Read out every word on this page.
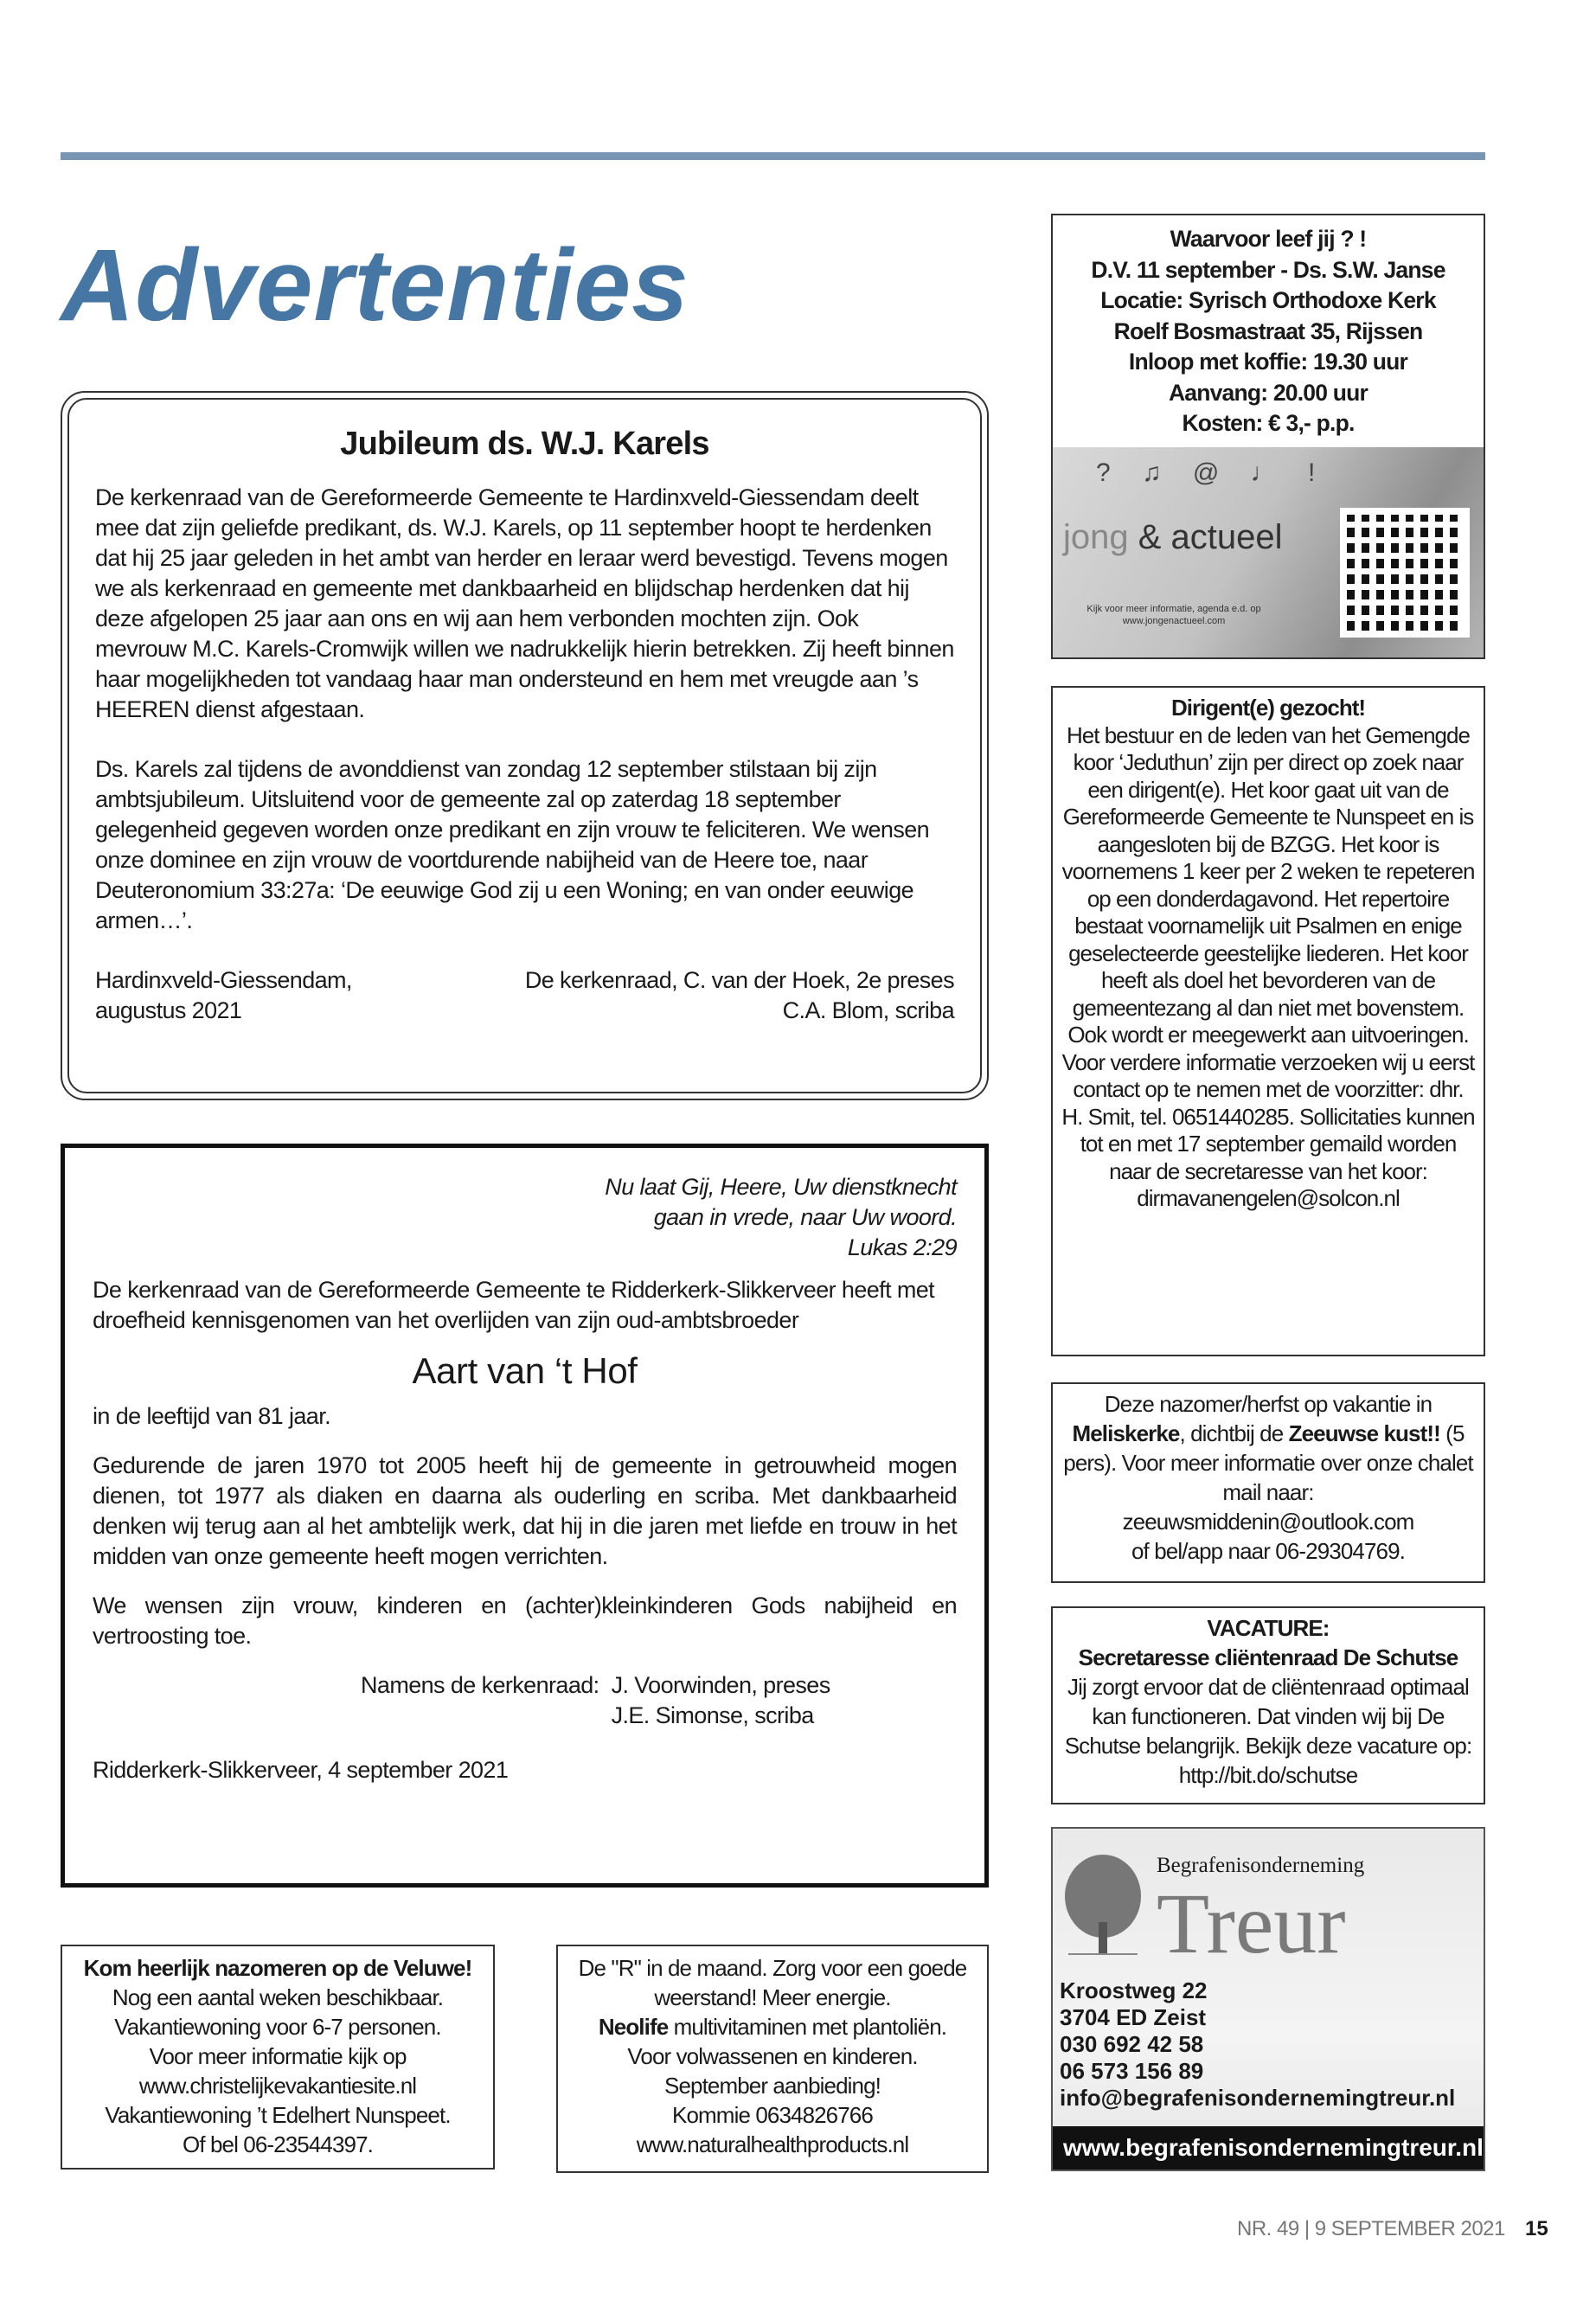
Advertenties
Jubileum ds. W.J. Karels

De kerkenraad van de Gereformeerde Gemeente te Hardinxveld-Giessendam deelt mee dat zijn geliefde predikant, ds. W.J. Karels, op 11 september hoopt te herdenken dat hij 25 jaar geleden in het ambt van herder en leraar werd bevestigd. Tevens mogen we als kerkenraad en gemeente met dankbaarheid en blijdschap herdenken dat hij deze afgelopen 25 jaar aan ons en wij aan hem verbonden mochten zijn. Ook mevrouw M.C. Karels-Cromwijk willen we nadrukkelijk hierin betrekken. Zij heeft binnen haar mogelijkheden tot vandaag haar man ondersteund en hem met vreugde aan ’s HEEREN dienst afgestaan.

Ds. Karels zal tijdens de avonddienst van zondag 12 september stilstaan bij zijn ambtsjubileum. Uitsluitend voor de gemeente zal op zaterdag 18 september gelegenheid gegeven worden onze predikant en zijn vrouw te feliciteren. We wensen onze dominee en zijn vrouw de voortdurende nabijheid van de Heere toe, naar Deuteronomium 33:27a: ‘De eeuwige God zij u een Woning; en van onder eeuwige armen…’.

Hardinxveld-Giessendam,
augustus 2021
De kerkenraad, C. van der Hoek, 2e preses
C.A. Blom, scriba
Nu laat Gij, Heere, Uw dienstknecht
gaan in vrede, naar Uw woord.
Lukas 2:29

De kerkenraad van de Gereformeerde Gemeente te Ridderkerk-Slikkerveer heeft met droefheid kennisgenomen van het overlijden van zijn oud-ambtsbroeder

Aart van ‘t Hof

in de leeftijd van 81 jaar.

Gedurende de jaren 1970 tot 2005 heeft hij de gemeente in getrouwheid mogen dienen, tot 1977 als diaken en daarna als ouderling en scriba. Met dankbaarheid denken wij terug aan al het ambtelijk werk, dat hij in die jaren met liefde en trouw in het midden van onze gemeente heeft mogen verrichten.

We wensen zijn vrouw, kinderen en (achter)kleinkinderen Gods nabijheid en vertroosting toe.

Namens de kerkenraad: J. Voorwinden, preses
J.E. Simonse, scriba
Ridderkerk-Slikkerveer, 4 september 2021
Kom heerlijk nazomeren op de Veluwe!
Nog een aantal weken beschikbaar.
Vakantiewoning voor 6-7 personen.
Voor meer informatie kijk op
www.christelijkevakantiesite.nl
Vakantiewoning ’t Edelhert Nunspeet.
Of bel 06-23544397.
De "R" in de maand. Zorg voor een goede weerstand! Meer energie.
Neolife multivitaminen met plantoliën.
Voor volwassenen en kinderen.
September aanbieding!
Kommie 0634826766
www.naturalhealthproducts.nl
Waarvoor leef jij ? !
D.V. 11 september - Ds. S.W. Janse
Locatie: Syrisch Orthodoxe Kerk
Roelf Bosmastraat 35, Rijssen
Inloop met koffie: 19.30 uur
Aanvang: 20.00 uur
Kosten: € 3,- p.p.
? ♫ @ ♩ !
jong & actueel
Kijk voor meer informatie, agenda e.d. op
www.jongenactueel.com
Dirigent(e) gezocht!
Het bestuur en de leden van het Gemengde koor ‘Jeduthun’ zijn per direct op zoek naar een dirigent(e). Het koor gaat uit van de Gereformeerde Gemeente te Nunspeet en is aangesloten bij de BZGG. Het koor is voornemens 1 keer per 2 weken te repeteren op een donderdagavond. Het repertoire bestaat voornamelijk uit Psalmen en enige geselecteerde geestelijke liederen. Het koor heeft als doel het bevorderen van de gemeentezang al dan niet met bovenstem. Ook wordt er meegewerkt aan uitvoeringen. Voor verdere informatie verzoeken wij u eerst contact op te nemen met de voorzitter: dhr. H. Smit, tel. 0651440285. Sollicitaties kunnen tot en met 17 september gemaild worden naar de secretaresse van het koor:
dirmavanengelen@solcon.nl
Deze nazomer/herfst op vakantie in Meliskerke, dichtbij de Zeeuwse kust!! (5 pers). Voor meer informatie over onze chalet mail naar:
zeeuwsmiddenin@outlook.com
of bel/app naar 06-29304769.
VACATURE:
Secretaresse cliëntenraad De Schutse
Jij zorgt ervoor dat de cliëntenraad optimaal kan functioneren. Dat vinden wij bij De Schutse belangrijk. Bekijk deze vacature op: http://bit.do/schutse
Begrafenisonderneming
Treur
Kroostweg 22
3704 ED Zeist
030 692 42 58
06 573 156 89
info@begrafenisondernemingtreur.nl
www.begrafenisondernemingtreur.nl
NR. 49 | 9 SEPTEMBER 2021 15
